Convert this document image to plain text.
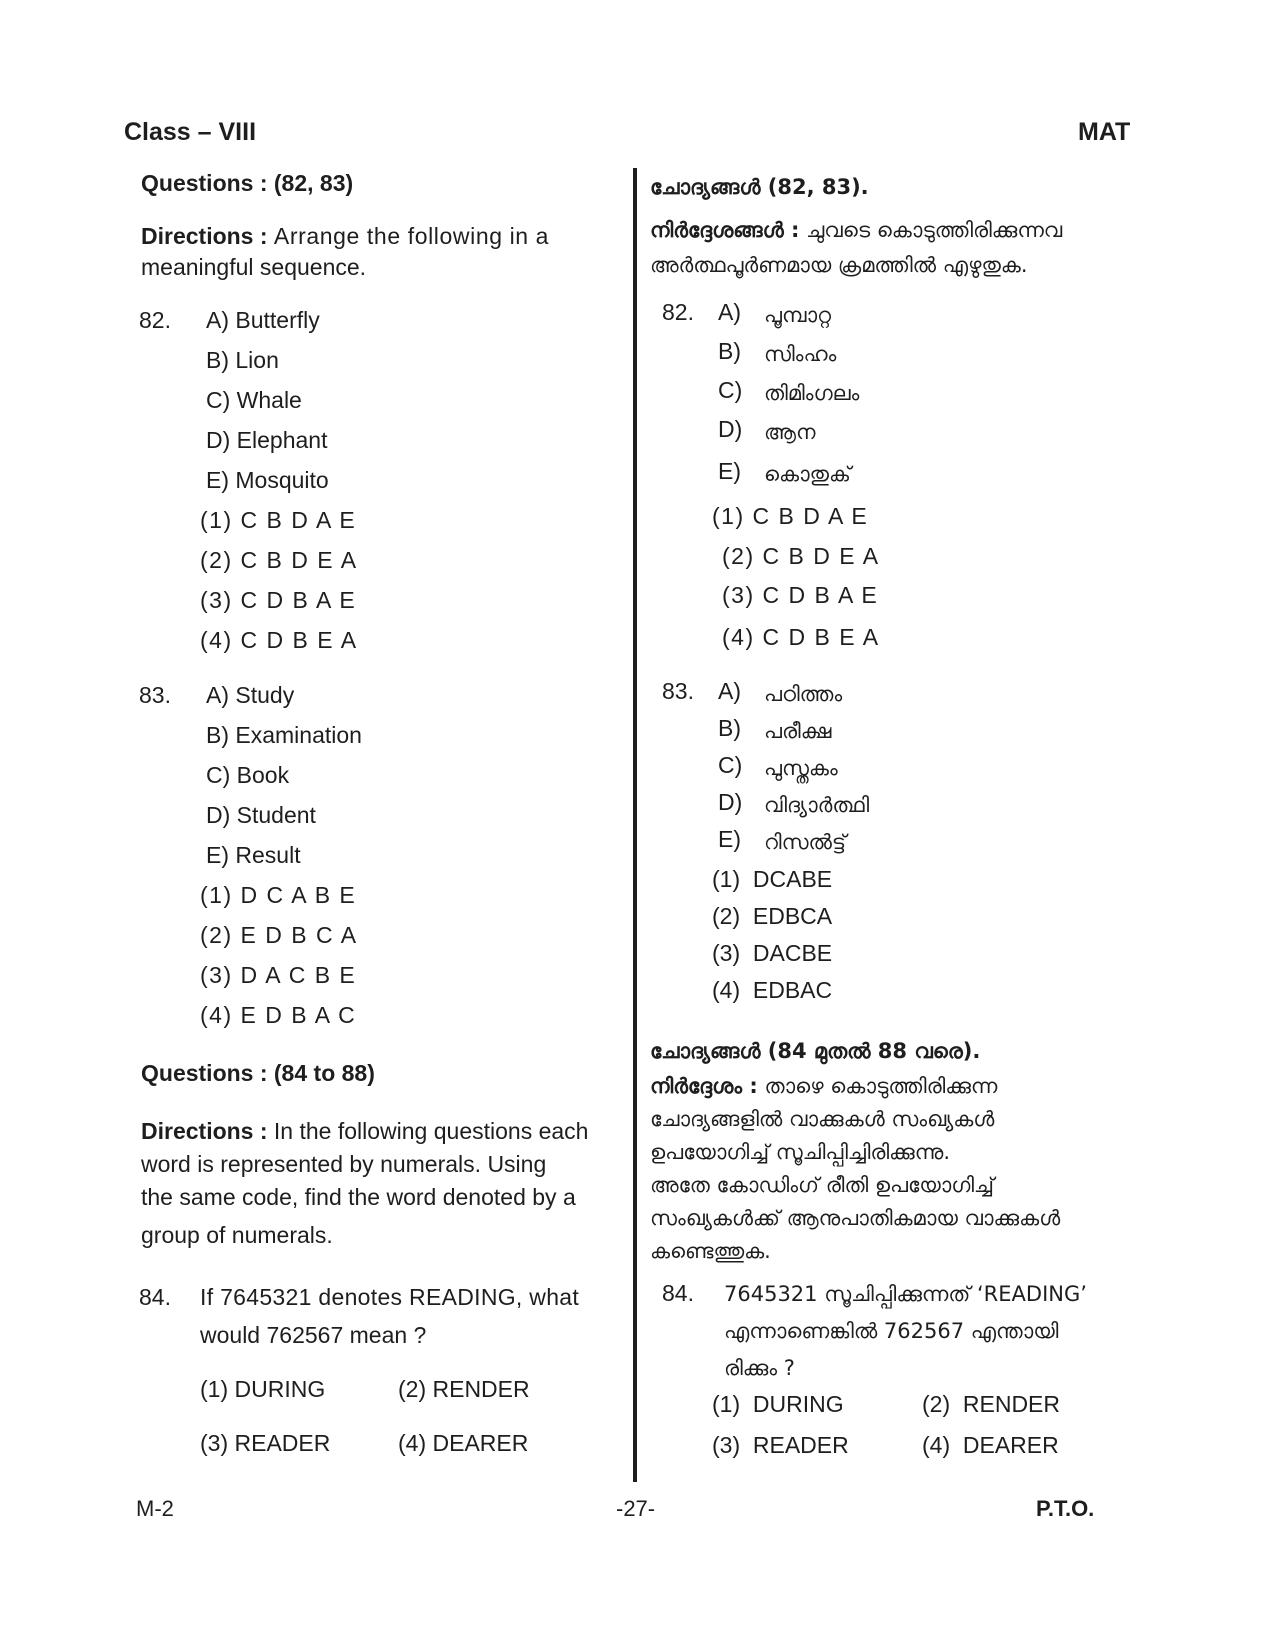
Class – VIII	MAT
Questions : (82, 83)
Directions : Arrange the following in a
meaningful sequence.
82. A) Butterfly
B) Lion
C) Whale
D) Elephant
E) Mosquito
(1) C B D A E
(2) C B D E A
(3) C D B A E
(4) C D B E A
83. A) Study
B) Examination
C) Book
D) Student
E) Result
(1) D C A B E
(2) E D B C A
(3) D A C B E
(4) E D B A C
Questions : (84 to 88)
Directions : In the following questions each
word is represented by numerals. Using
the same code, find the word denoted by a
group of numerals.
84. If 7645321 denotes READING, what
would 762567 mean ?
(1) DURING	(2) RENDER
(3) READER	(4) DEARER
ചോദ്യങ്ങൾ (82, 83).
നിർദ്ദേശങ്ങൾ : ചുവടെ കൊടുത്തിരിക്കുന്നവ
അർത്ഥപൂർണമായ ക്രമത്തിൽ എഴുതുക.
82. A) പൂമ്പാറ്റ
B) സിംഹം
C) തിമിംഗലം
D) ആന
E) കൊതുക്
(1) C B D A E
(2) C B D E A
(3) C D B A E
(4) C D B E A
83. A) പഠിത്തം
B) പരീക്ഷ
C) പുസ്തകം
D) വിദ്യാർത്ഥി
E) റിസൽട്ട്
(1)  DCABE
(2)  EDBCA
(3)  DACBE
(4)  EDBAC
ചോദ്യങ്ങൾ (84 മുതൽ 88 വരെ).
നിർദ്ദേശം : താഴെ കൊടുത്തിരിക്കുന്ന
ചോദ്യങ്ങളിൽ വാക്കുകൾ സംഖ്യകൾ
ഉപയോഗിച്ച് സൂചിപ്പിച്ചിരിക്കുന്നു.
അതേ കോഡിംഗ് രീതി ഉപയോഗിച്ച്
സംഖ്യകൾക്ക് ആനുപാതികമായ വാക്കുകൾ
കണ്ടെത്തുക.
84. 7645321 സൂചിപ്പിക്കുന്നത് ‘READING’
എന്നാണെങ്കിൽ 762567 എന്തായി
രിക്കും ?
(1)  DURING	(2)  RENDER
(3)  READER	(4)  DEARER
M-2	-27-	P.T.O.
